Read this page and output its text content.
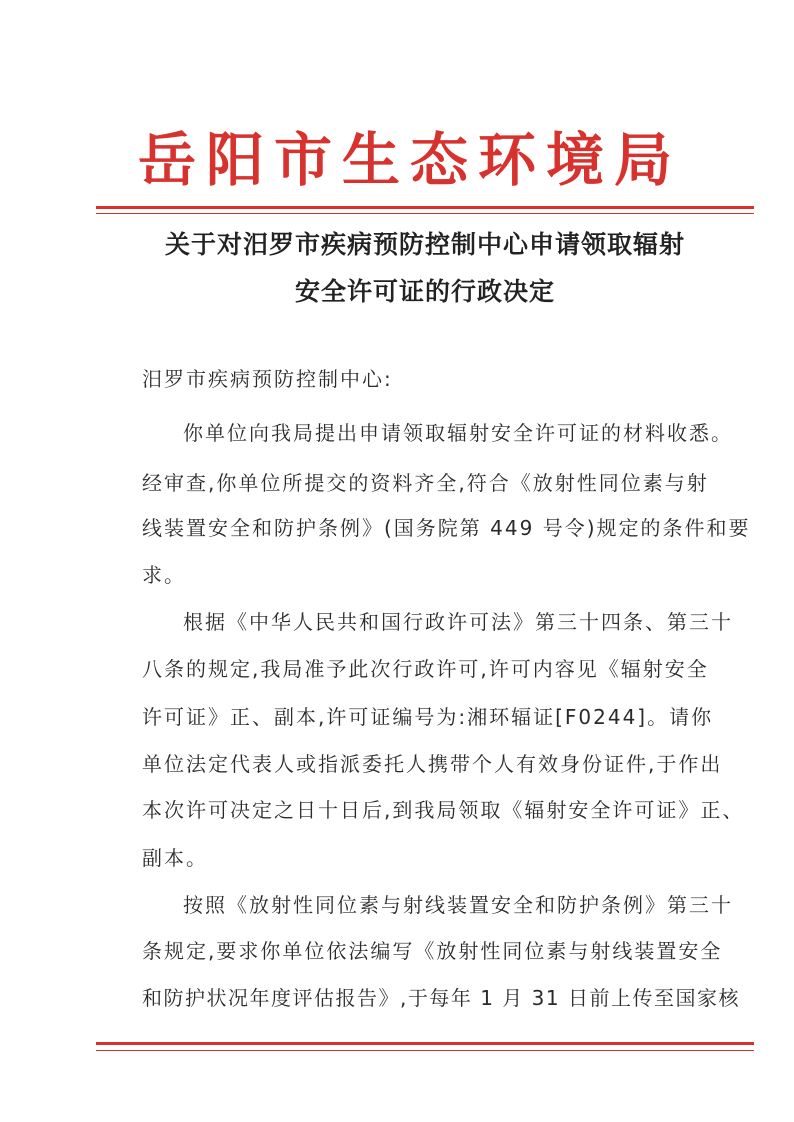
岳阳市生态环境局
关于对汨罗市疾病预防控制中心申请领取辐射
安全许可证的行政决定
汨罗市疾病预防控制中心:
你单位向我局提出申请领取辐射安全许可证的材料收悉。
经审查,你单位所提交的资料齐全,符合《放射性同位素与射
线装置安全和防护条例》(国务院第 449 号令)规定的条件和要
求。
根据《中华人民共和国行政许可法》第三十四条、第三十
八条的规定,我局准予此次行政许可,许可内容见《辐射安全
许可证》正、副本,许可证编号为:湘环辐证[F0244]。请你
单位法定代表人或指派委托人携带个人有效身份证件,于作出
本次许可决定之日十日后,到我局领取《辐射安全许可证》正、
副本。
按照《放射性同位素与射线装置安全和防护条例》第三十
条规定,要求你单位依法编写《放射性同位素与射线装置安全
和防护状况年度评估报告》,于每年 1 月 31 日前上传至国家核
